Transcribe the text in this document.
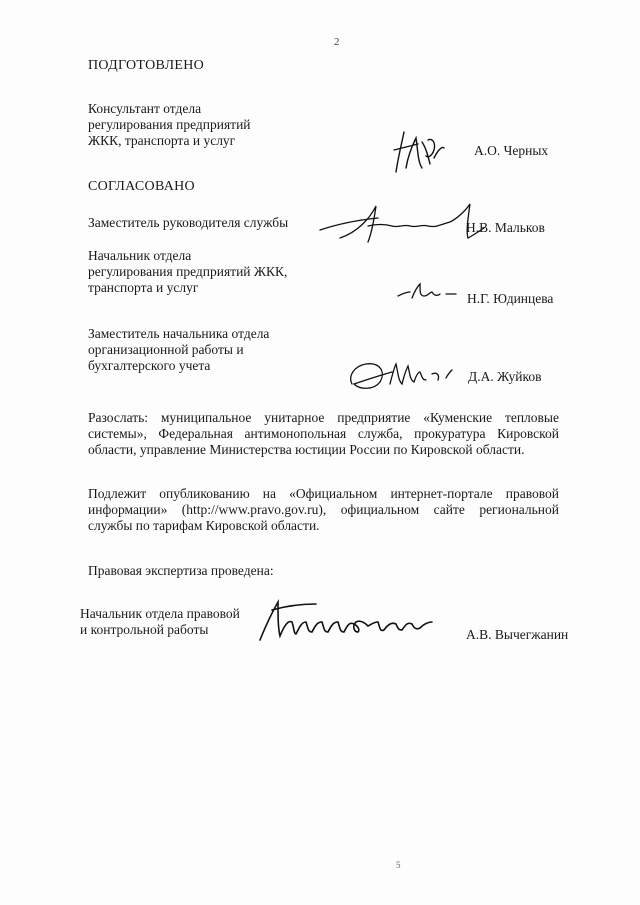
2
ПОДГОТОВЛЕНО
Консультант отдела
регулирования предприятий
ЖКК, транспорта и услуг
А.О. Черных
СОГЛАСОВАНО
Заместитель руководителя службы	Н.В. Мальков
Начальник отдела
регулирования предприятий ЖКК,
транспорта и услуг
Н.Г. Юдинцева
Заместитель начальника отдела
организационной работы и
бухгалтерского учета
Д.А. Жуйков
Разослать: муниципальное унитарное предприятие «Куменские тепловые системы», Федеральная антимонопольная служба, прокуратура Кировской области, управление Министерства юстиции России по Кировской области.
Подлежит опубликованию на «Официальном интернет-портале правовой информации» (http://www.pravo.gov.ru), официальном сайте региональной службы по тарифам Кировской области.
Правовая экспертиза проведена:
Начальник отдела правовой
и контрольной работы	А.В. Вычегжанин
5
